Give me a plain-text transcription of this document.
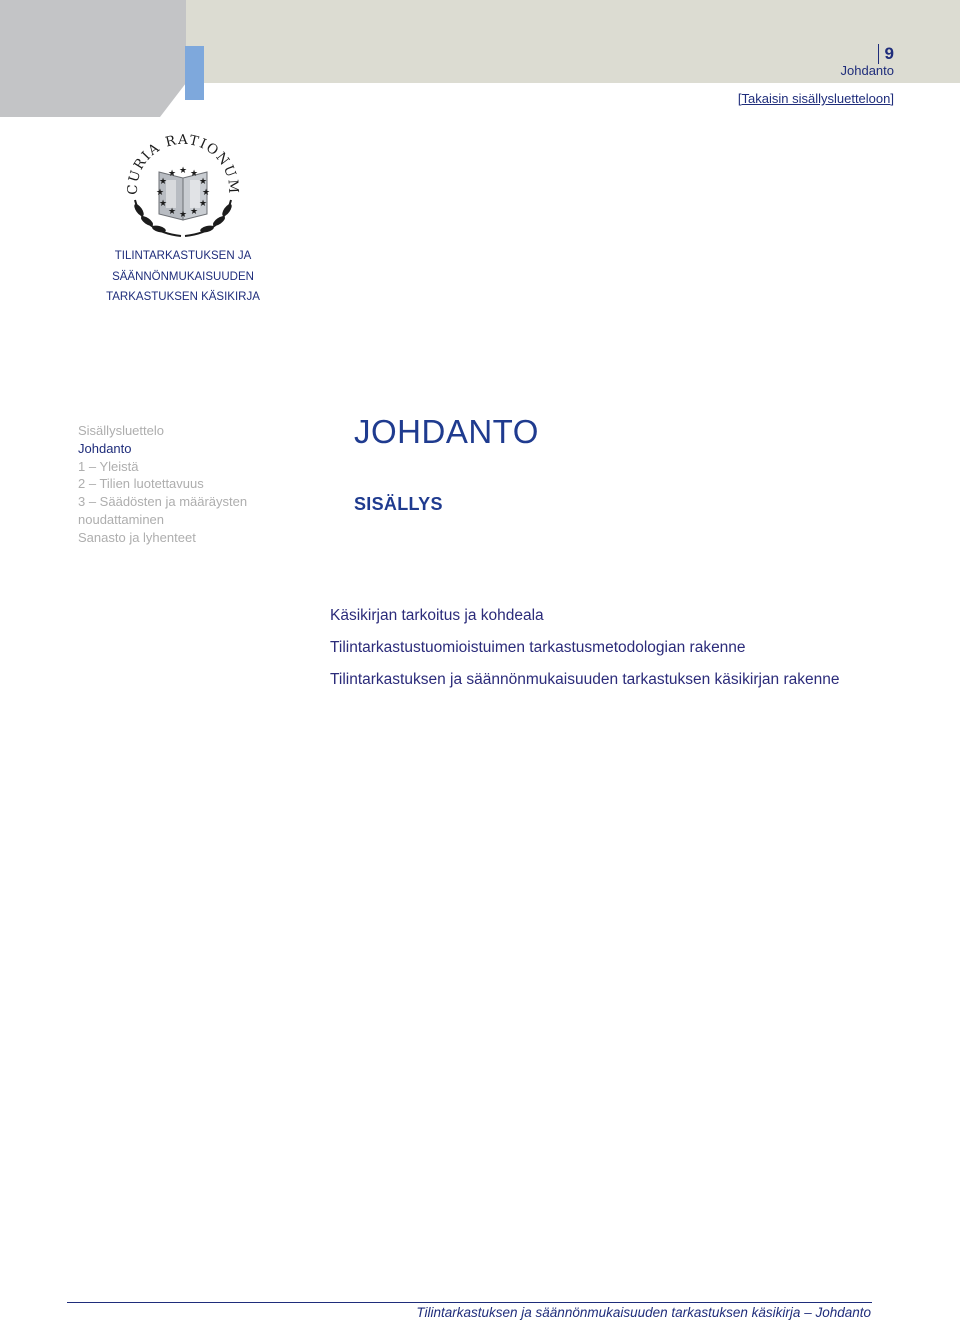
9
Johdanto
[Takaisin sisällysluetteloon]
CURIA RATIONUM
★
★ ★
★	★
★	★
★	★
★ ★
★
TILINTARKASTUKSEN JA
SÄÄNNÖNMUKAISUUDEN
TARKASTUKSEN KÄSIKIRJA
Sisällysluettelo
Johdanto
1 – Yleistä
2 – Tilien luotettavuus
3 – Säädösten ja määräysten
noudattaminen
Sanasto ja lyhenteet
JOHDANTO
SISÄLLYS
Käsikirjan tarkoitus ja kohdeala
Tilintarkastustuomioistuimen tarkastusmetodologian rakenne
Tilintarkastuksen ja säännönmukaisuuden tarkastuksen käsikirjan rakenne
Tilintarkastuksen ja säännönmukaisuuden tarkastuksen käsikirja – Johdanto
